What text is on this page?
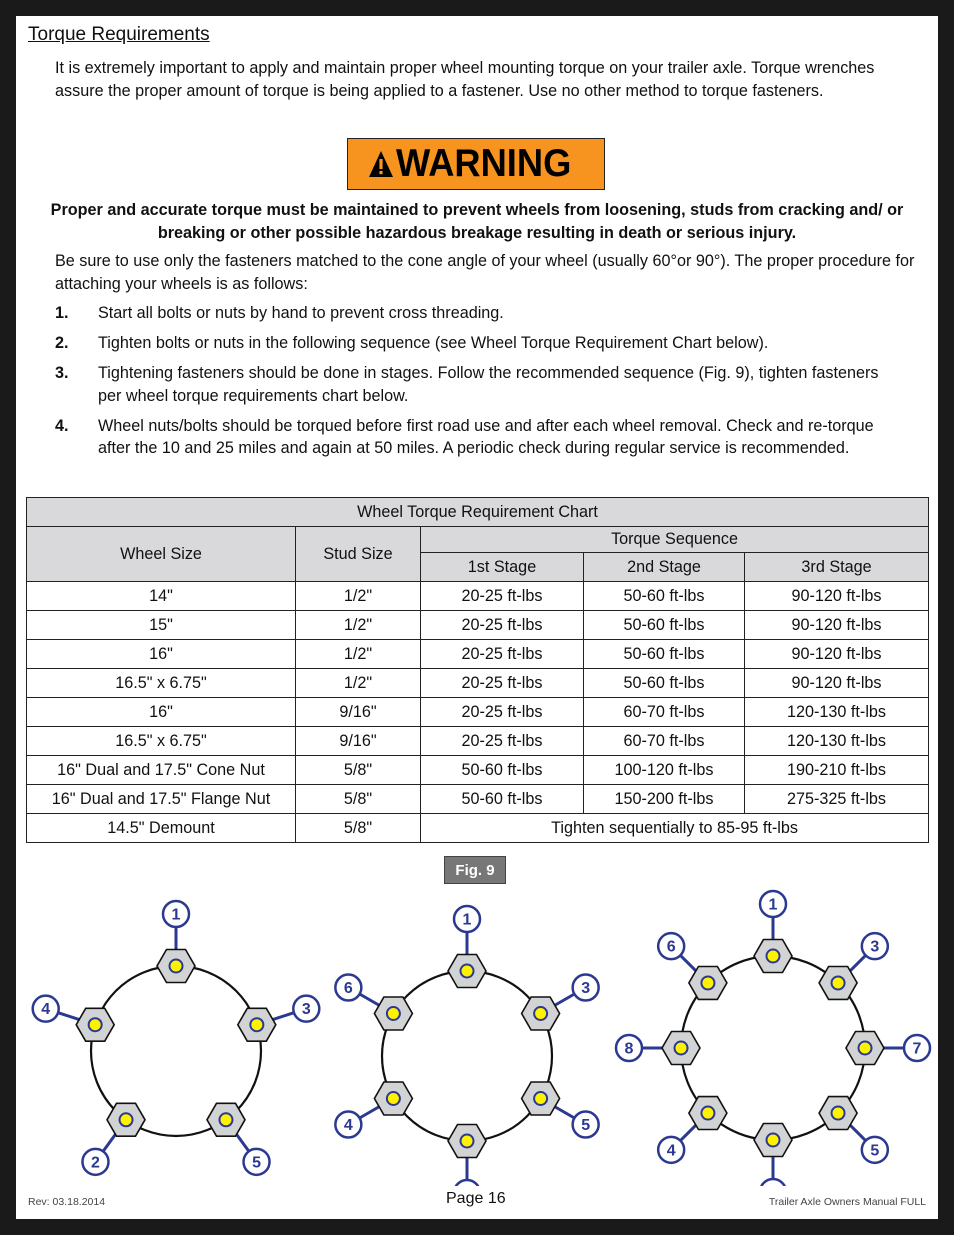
Torque Requirements

It is extremely important to apply and maintain proper wheel mounting torque on your trailer axle. Torque wrenches assure the proper amount of torque is being applied to a fastener. Use no other method to torque fasteners.

WARNING

Proper and accurate torque must be maintained to prevent wheels from loosening, studs from cracking and/ or breaking or other possible hazardous breakage resulting in death or serious injury.

Be sure to use only the fasteners matched to the cone angle of your wheel (usually 60°or 90°). The proper procedure for attaching your wheels is as follows:

1.	Start all bolts or nuts by hand to prevent cross threading.
2.	Tighten bolts or nuts in the following sequence (see Wheel Torque Requirement Chart below).
3.	Tightening fasteners should be done in stages. Follow the recommended sequence (Fig. 9), tighten fasteners per wheel torque requirements chart below.
4.	Wheel nuts/bolts should be torqued before first road use and after each wheel removal. Check and re-torque after the 10 and 25 miles and again at 50 miles. A periodic check during regular service is recommended.
Wheel Torque Requirement Chart				
Wheel Size	Stud Size	Torque Sequence		
		1st Stage	2nd Stage	3rd Stage
14"	1/2"	20-25 ft-lbs	50-60 ft-lbs	90-120 ft-lbs
15"	1/2"	20-25 ft-lbs	50-60 ft-lbs	90-120 ft-lbs
16"	1/2"	20-25 ft-lbs	50-60 ft-lbs	90-120 ft-lbs
16.5" x 6.75"	1/2"	20-25 ft-lbs	50-60 ft-lbs	90-120 ft-lbs
16"	9/16"	20-25 ft-lbs	60-70 ft-lbs	120-130 ft-lbs
16.5" x 6.75"	9/16"	20-25 ft-lbs	60-70 ft-lbs	120-130 ft-lbs
16" Dual and 17.5" Cone Nut	5/8"	50-60 ft-lbs	100-120 ft-lbs	190-210 ft-lbs
16" Dual and 17.5" Flange Nut	5/8"	50-60 ft-lbs	150-200 ft-lbs	275-325 ft-lbs
14.5" Demount	5/8"	Tighten sequentially to 85-95 ft-lbs		
Fig. 9
1
3
5
2
4
1
3
5
4
6
1
3
7
5
4
8
6
Rev: 03.18.2014	Page 16	Trailer Axle Owners Manual FULL
